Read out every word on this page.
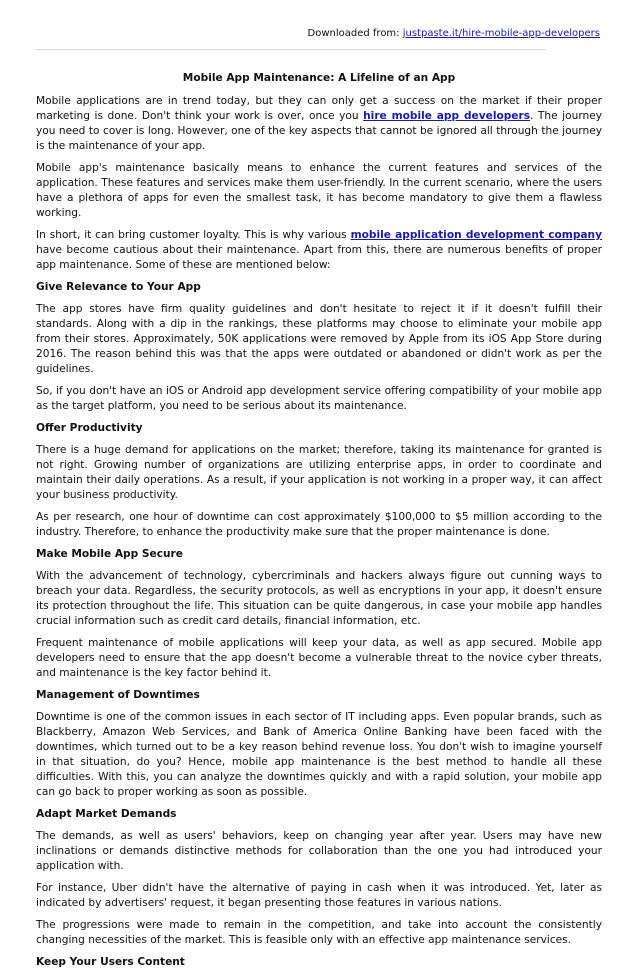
Downloaded from: justpaste.it/hire-mobile-app-developers
Mobile App Maintenance: A Lifeline of an App

Mobile applications are in trend today, but they can only get a success on the market if their proper marketing is done. Don't think your work is over, once you hire mobile app developers. The journey you need to cover is long. However, one of the key aspects that cannot be ignored all through the journey is the maintenance of your app.

Mobile app's maintenance basically means to enhance the current features and services of the application. These features and services make them user-friendly. In the current scenario, where the users have a plethora of apps for even the smallest task, it has become mandatory to give them a flawless working.

In short, it can bring customer loyalty. This is why various mobile application development company have become cautious about their maintenance. Apart from this, there are numerous benefits of proper app maintenance. Some of these are mentioned below:

Give Relevance to Your App

The app stores have firm quality guidelines and don't hesitate to reject it if it doesn't fulfill their standards. Along with a dip in the rankings, these platforms may choose to eliminate your mobile app from their stores. Approximately, 50K applications were removed by Apple from its iOS App Store during 2016. The reason behind this was that the apps were outdated or abandoned or didn't work as per the guidelines.

So, if you don't have an iOS or Android app development service offering compatibility of your mobile app as the target platform, you need to be serious about its maintenance.

Offer Productivity

There is a huge demand for applications on the market; therefore, taking its maintenance for granted is not right. Growing number of organizations are utilizing enterprise apps, in order to coordinate and maintain their daily operations. As a result, if your application is not working in a proper way, it can affect your business productivity.

As per research, one hour of downtime can cost approximately $100,000 to $5 million according to the industry. Therefore, to enhance the productivity make sure that the proper maintenance is done.

Make Mobile App Secure

With the advancement of technology, cybercriminals and hackers always figure out cunning ways to breach your data. Regardless, the security protocols, as well as encryptions in your app, it doesn't ensure its protection throughout the life. This situation can be quite dangerous, in case your mobile app handles crucial information such as credit card details, financial information, etc.

Frequent maintenance of mobile applications will keep your data, as well as app secured. Mobile app developers need to ensure that the app doesn't become a vulnerable threat to the novice cyber threats, and maintenance is the key factor behind it.

Management of Downtimes

Downtime is one of the common issues in each sector of IT including apps. Even popular brands, such as Blackberry, Amazon Web Services, and Bank of America Online Banking have been faced with the downtimes, which turned out to be a key reason behind revenue loss. You don't wish to imagine yourself in that situation, do you? Hence, mobile app maintenance is the best method to handle all these difficulties. With this, you can analyze the downtimes quickly and with a rapid solution, your mobile app can go back to proper working as soon as possible.

Adapt Market Demands

The demands, as well as users' behaviors, keep on changing year after year. Users may have new inclinations or demands distinctive methods for collaboration than the one you had introduced your application with.

For instance, Uber didn't have the alternative of paying in cash when it was introduced. Yet, later as indicated by advertisers' request, it began presenting those features in various nations.

The progressions were made to remain in the competition, and take into account the consistently changing necessities of the market. This is feasible only with an effective app maintenance services.

Keep Your Users Content
